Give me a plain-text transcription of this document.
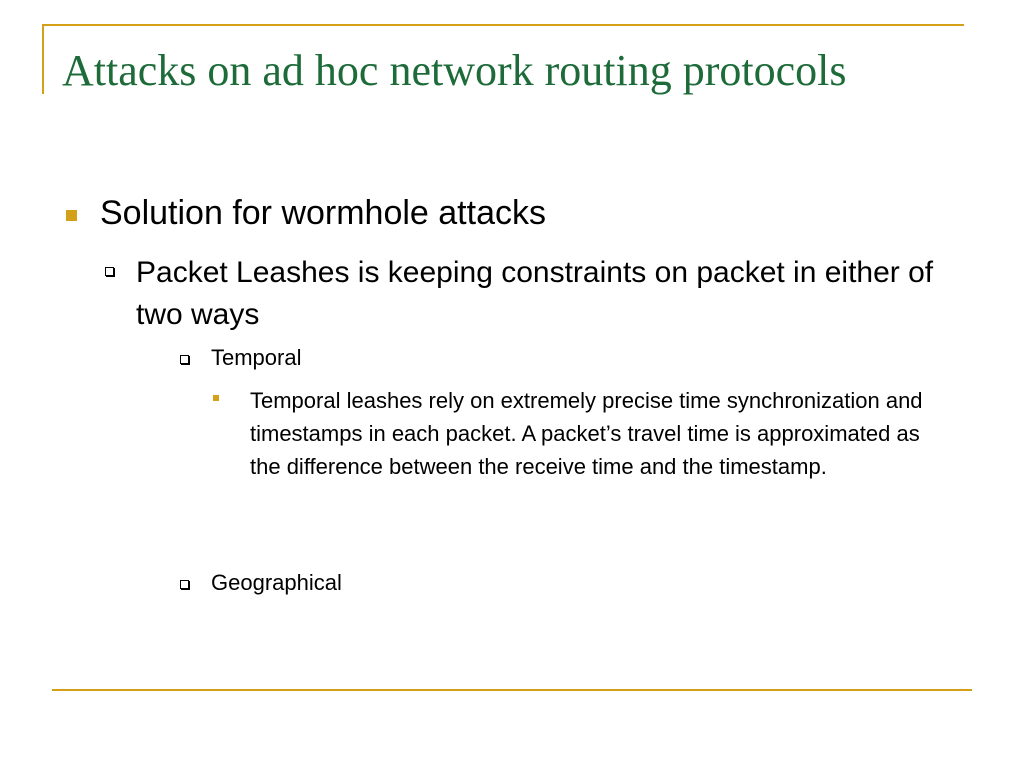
Attacks on ad hoc network routing protocols
Solution for wormhole attacks
Packet Leashes is keeping constraints on packet in either of two ways
Temporal
Temporal leashes rely on extremely precise time synchronization and timestamps in each packet. A packet’s travel time is approximated as the difference between the receive time and the timestamp.
Geographical
